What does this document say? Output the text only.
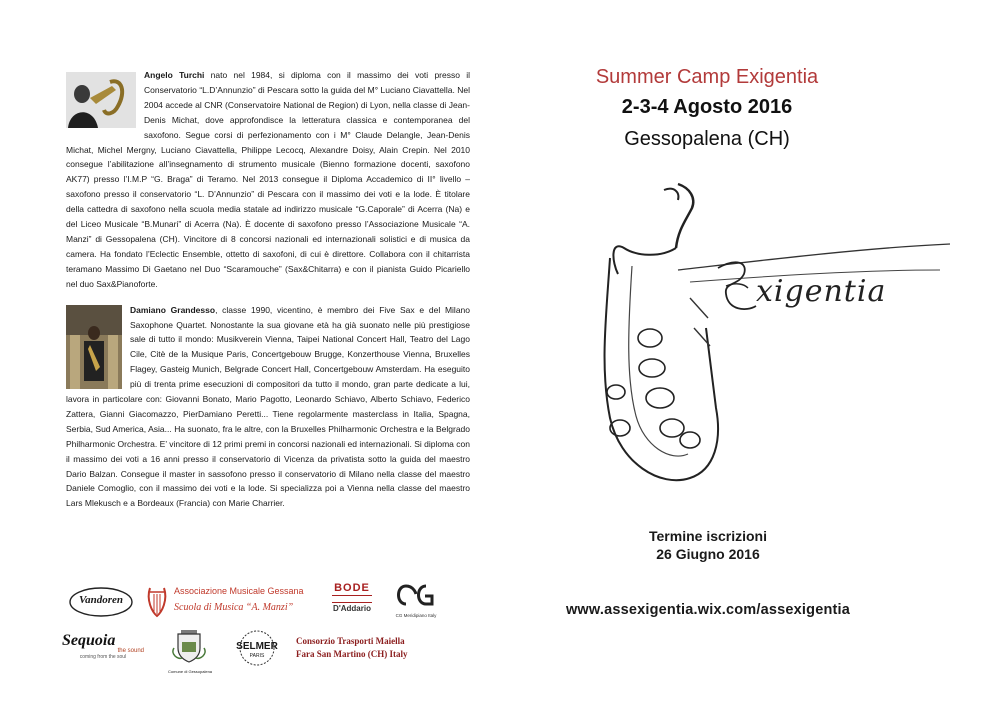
Angelo Turchi nato nel 1984, si diploma con il massimo dei voti presso il Conservatorio “L.D’Annunzio” di Pescara sotto la guida del M° Luciano Ciavattella. Nel 2004 accede al CNR (Conservatoire National de Region) di Lyon, nella classe di Jean-Denis Michat, dove approfondisce la letteratura classica e contemporanea del saxofono. Segue corsi di perfezionamento con i M° Claude Delangle, Jean-Denis Michat, Michel Mergny, Luciano Ciavattella, Philippe Lecocq, Alexandre Doisy, Alain Crepin. Nel 2010 consegue l’abilitazione all’insegnamento di strumento musicale (Bienno formazione docenti, saxofono AK77) presso l’I.M.P “G. Braga” di Teramo. Nel 2013 consegue il Diploma Accademico di II° livello – saxofono presso il conservatorio “L. D’Annunzio” di Pescara con il massimo dei voti e la lode. È titolare della cattedra di saxofono nella scuola media statale ad indirizzo musicale “G.Caporale” di Acerra (Na) e del Liceo Musicale “B.Munari” di Acerra (Na). È docente di saxofono presso l’Associazione Musicale “A. Manzi” di Gessopalena (CH). Vincitore di 8 concorsi nazionali ed internazionali solistici e di musica da camera. Ha fondato l’Eclectic Ensemble, ottetto di saxofoni, di cui è direttore. Collabora con il chitarrista teramano Massimo Di Gaetano nel Duo “Scaramouche” (Sax&Chitarra) e con il pianista Guido Picariello nel duo Sax&Pianoforte.
Damiano Grandesso, classe 1990, vicentino, è membro dei Five Sax e del Milano Saxophone Quartet. Nonostante la sua giovane età ha già suonato nelle più prestigiose sale di tutto il mondo: Musikverein Vienna, Taipei National Concert Hall, Teatro del Lago Cile, Citè de la Musique Paris, Concertgebouw Brugge, Konzerthouse Vienna, Bruxelles Flagey, Gasteig Munich, Belgrade Concert Hall, Concertgebouw Amsterdam. Ha eseguito più di trenta prime esecuzioni di compositori da tutto il mondo, gran parte dedicate a lui, lavora in particolare con: Giovanni Bonato, Mario Pagotto, Leonardo Schiavo, Alberto Schiavo, Federico Zattera, Gianni Giacomazzo, PierDamiano Peretti... Tiene regolarmente masterclass in Italia, Spagna, Serbia, Sud America, Asia... Ha suonato, fra le altre, con la Bruxelles Philharmonic Orchestra e la Belgrado Philharmonic Orchestra. E’ vincitore di 12 primi premi in concorsi nazionali ed internazionali. Si diploma con il massimo dei voti a 16 anni presso il conservatorio di Vicenza da privatista sotto la guida del maestro Dario Balzan. Consegue il master in sassofono presso il conservatorio di Milano nella classe del maestro Daniele Comoglio, con il massimo dei voti e la lode. Si specializza poi a Vienna nella classe del maestro Lars Mlekusch e a Bordeaux (Francia) con Marie Charrier.
Vandoren
Associazione Musicale Gessana
Scuola di Musica “A. Manzi”
BODE
D'Addario
CG Meridipiano Italy
Sequoia
the sound
coming from the soul
Comune di Gessopalena
SELMER
PARIS
Consorzio Trasporti Maiella
Fara San Martino (CH) Italy
Summer Camp Exigentia
2-3-4 Agosto 2016
Gessopalena (CH)
xigentia
Termine iscrizioni
26 Giugno 2016
www.assexigentia.wix.com/assexigentia
